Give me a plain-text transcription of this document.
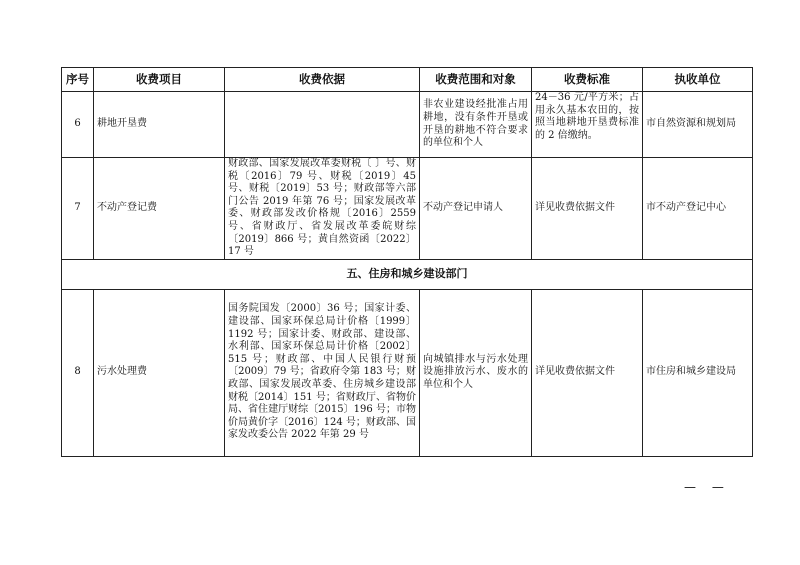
序号	收费项目	收费依据	收费范围和对象	收费标准	执收单位
6	耕地开垦费		非农业建设经批准占用耕地，没有条件开垦或开垦的耕地不符合要求的单位和个人	24－36 元/平方米；占用永久基本农田的，按照当地耕地开垦费标准的 2 倍缴纳。	市自然资源和规划局
7	不动产登记费	财政部、国家发展改革委财税〔 〕号、财税〔2016〕79 号、财税〔2019〕45 号、财税〔2019〕53 号；财政部等六部门公告 2019 年第 76 号；国家发展改革委、财政部发改价格规〔2016〕2559 号、省财政厅、省发展改革委皖财综〔2019〕866 号；黄自然资函〔2022〕17 号	不动产登记申请人	详见收费依据文件	市不动产登记中心
五、住房和城乡建设部门					
8	污水处理费	国务院国发〔2000〕36 号；国家计委、建设部、国家环保总局计价格〔1999〕1192 号；国家计委、财政部、建设部、水利部、国家环保总局计价格〔2002〕515 号；财政部、中国人民银行财预〔2009〕79 号；省政府令第 183 号；财政部、国家发展改革委、住房城乡建设部财税〔2014〕151 号；省财政厅、省物价局、省住建厅财综〔2015〕196 号；市物价局黄价字〔2016〕124 号；财政部、国家发改委公告 2022 年第 29 号	向城镇排水与污水处理设施排放污水、废水的单位和个人	详见收费依据文件	市住房和城乡建设局
— —
